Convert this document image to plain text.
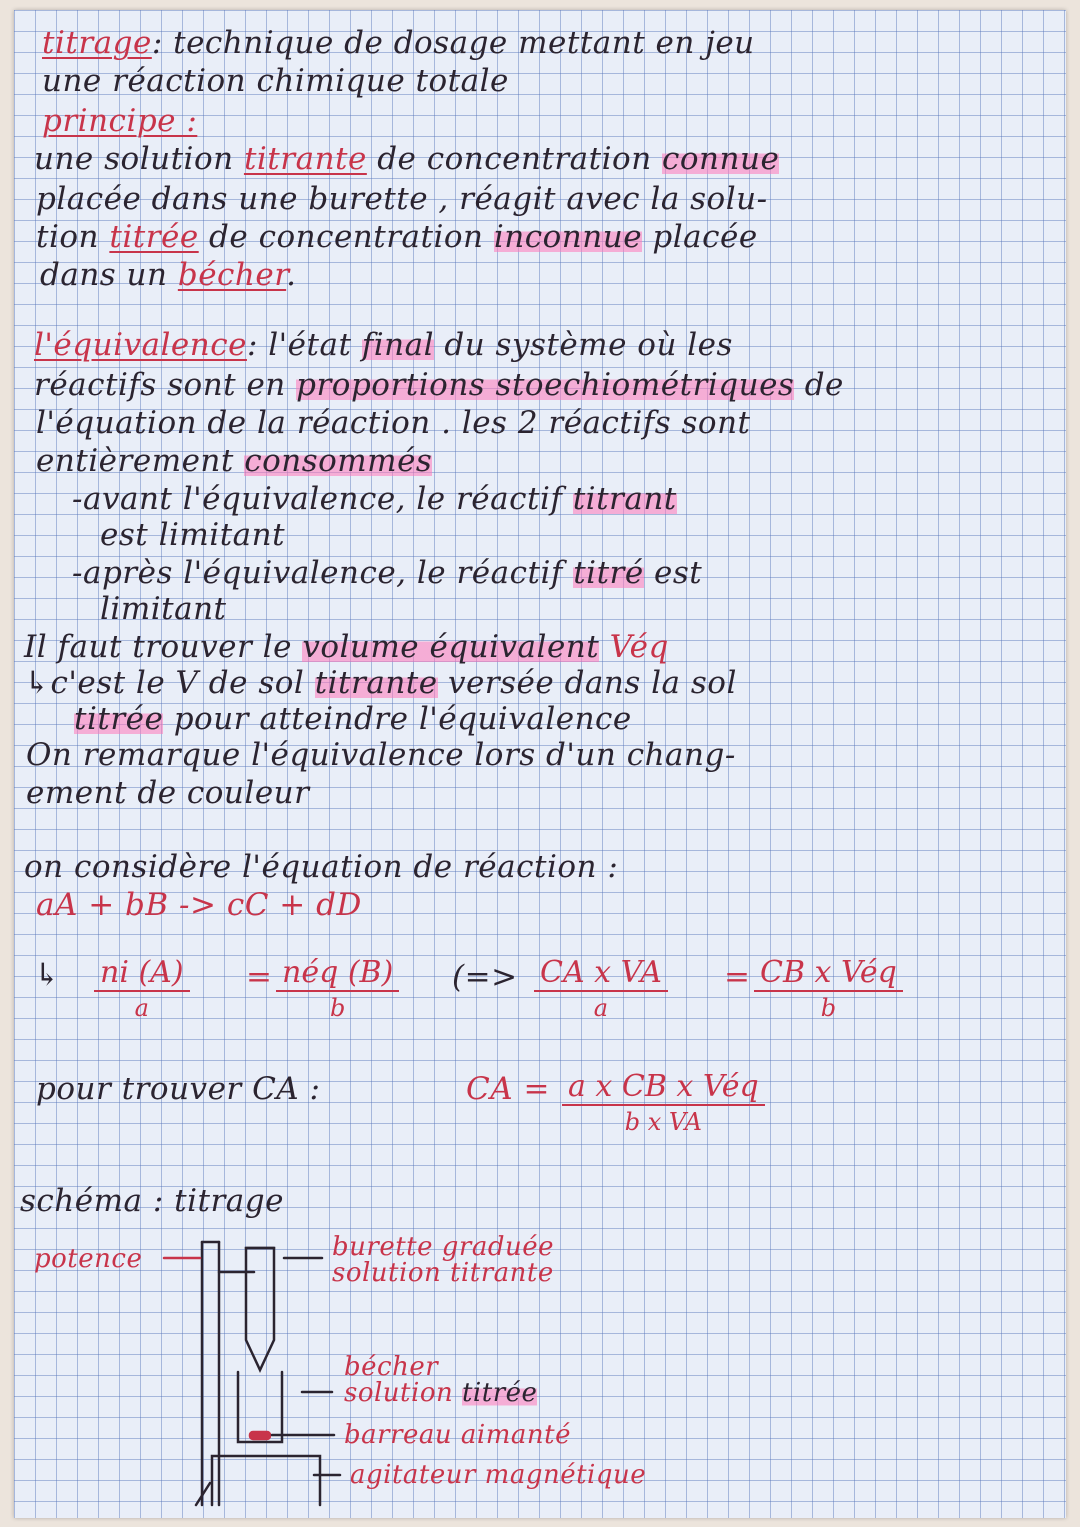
titrage: technique de dosage mettant en jeu
une réaction chimique totale
principe :
une solution titrante de concentration connue
placée dans une burette , réagit avec la solu-
tion titrée de concentration inconnue placée
dans un bécher.
l'équivalence: l'état final du système où les
réactifs sont en proportions stoechiométriques de
l'équation de la réaction . les 2 réactifs sont
entièrement consommés
-avant l'équivalence, le réactif titrant
est limitant
-après l'équivalence, le réactif titré est
limitant
Il faut trouver le volume équivalent Véq
↳c'est le V de sol titrante versée dans la sol
titrée pour atteindre l'équivalence
On remarque l'équivalence lors d'un chang-
ement de couleur
on considère l'équation de réaction :
aA + bB -> cC + dD
↳ ni (A)
a
= néq (B)
b
(=> CA x VA
a
= CB x Véq
b
pour trouver CA :	CA = a x CB x Véq
b x VA
schéma : titrage
potence	burette graduée
solution titrante
bécher
solution titrée
barreau aimanté
agitateur magnétique
